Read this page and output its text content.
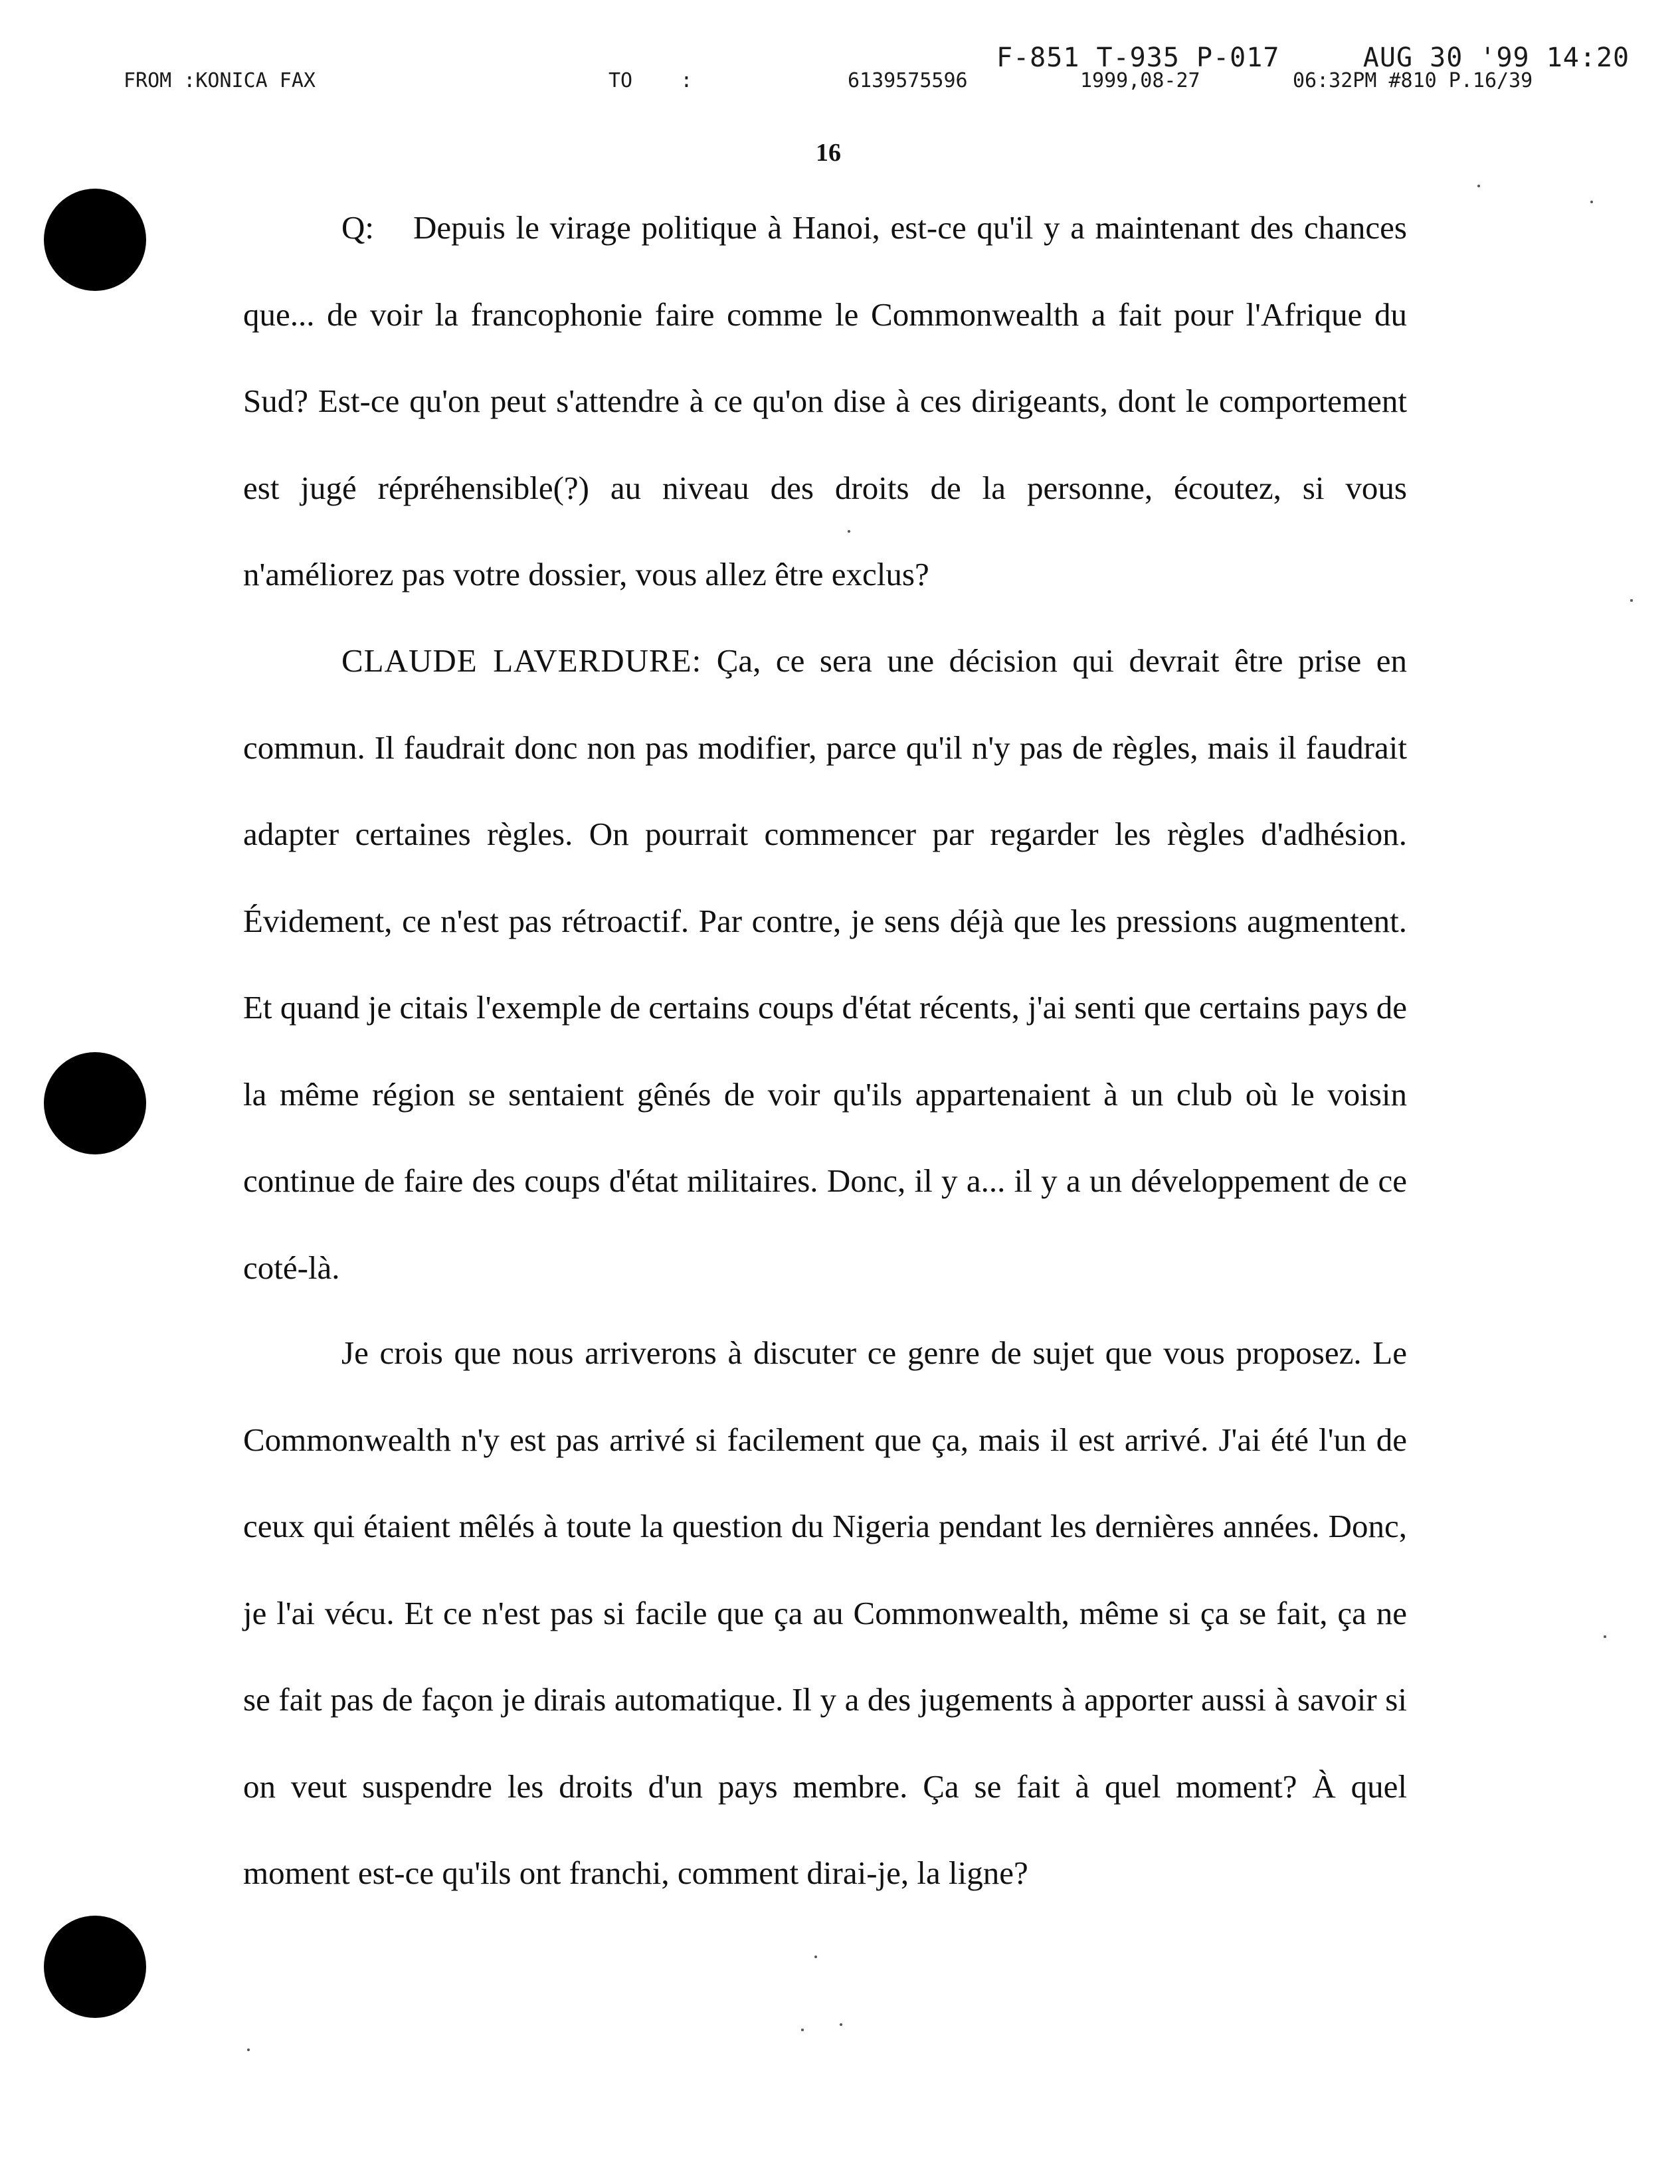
F-851 T-935 P-017     AUG 30 '99 14:20
FROM :KONICA FAX	TO    :	6139575596	1999,08-27	06:32PM #810 P.16/39
16

Q: Depuis le virage politique à Hanoi, est-ce qu'il y a maintenant des chances que... de voir la francophonie faire comme le Commonwealth a fait pour l'Afrique du Sud? Est-ce qu'on peut s'attendre à ce qu'on dise à ces dirigeants, dont le comportement est jugé répréhensible(?) au niveau des droits de la personne, écoutez, si vous n'améliorez pas votre dossier, vous allez être exclus?

CLAUDE LAVERDURE: Ça, ce sera une décision qui devrait être prise en commun. Il faudrait donc non pas modifier, parce qu'il n'y pas de règles, mais il faudrait adapter certaines règles. On pourrait commencer par regarder les règles d'adhésion. Évidement, ce n'est pas rétroactif. Par contre, je sens déjà que les pressions augmentent. Et quand je citais l'exemple de certains coups d'état récents, j'ai senti que certains pays de la même région se sentaient gênés de voir qu'ils appartenaient à un club où le voisin continue de faire des coups d'état militaires. Donc, il y a... il y a un développement de ce coté-là.

Je crois que nous arriverons à discuter ce genre de sujet que vous proposez. Le Commonwealth n'y est pas arrivé si facilement que ça, mais il est arrivé. J'ai été l'un de ceux qui étaient mêlés à toute la question du Nigeria pendant les dernières années. Donc, je l'ai vécu. Et ce n'est pas si facile que ça au Commonwealth, même si ça se fait, ça ne se fait pas de façon je dirais automatique. Il y a des jugements à apporter aussi à savoir si on veut suspendre les droits d'un pays membre. Ça se fait à quel moment? À quel moment est-ce qu'ils ont franchi, comment dirai-je, la ligne?
